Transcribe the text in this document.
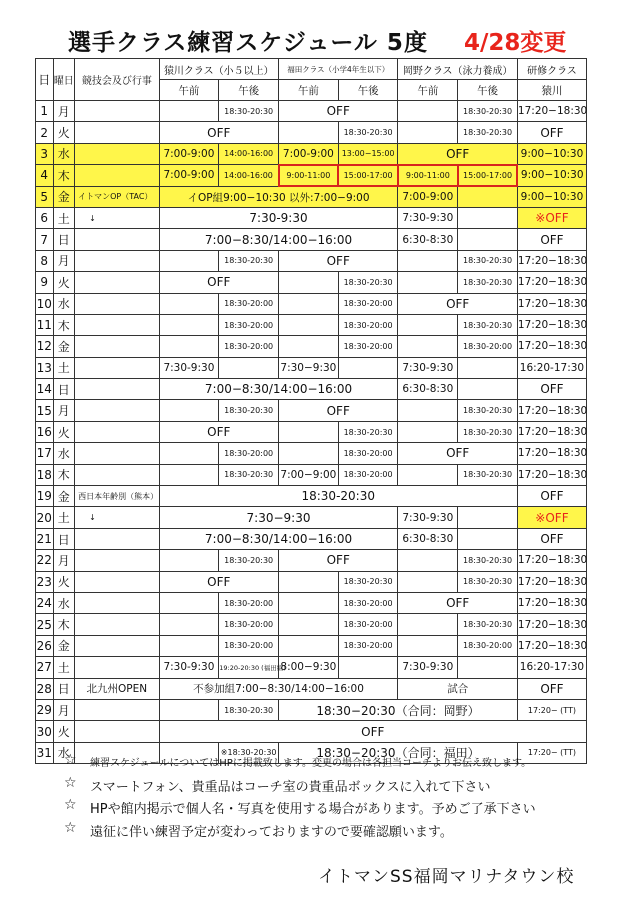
選手クラス練習スケジュール 5度 4/28変更
日	曜日	競技会及び行事	猿川クラス（小５以上）		福田クラス（小学4年生以下）		岡野クラス（泳力養成）		研修クラス
			午前	午後	午前	午後	午前	午後	猿川
1	月			18:30-20:30	OFF			18:30-20:30	17:20−18:30
2	火		OFF			18:30-20:30		18:30-20:30	OFF
3	水		7:00-9:00	14:00-16:00	7:00-9:00	13:00−15:00	OFF		9:00−10:30
4	木		7:00-9:00	14:00-16:00	9:00-11:00	15:00-17:00	9:00-11:00	15:00-17:00	9:00−10:30
5	金	イトマンOP（TAC）	イOP組9:00−10:30 以外:7:00−9:00				7:00-9:00		9:00−10:30
6	土	↓	7:30-9:30				7:30-9:30		※OFF
7	日		7:00−8:30/14:00−16:00				6:30-8:30		OFF
8	月			18:30-20:30	OFF			18:30-20:30	17:20−18:30
9	火		OFF			18:30-20:30		18:30-20:30	17:20−18:30
10	水			18:30-20:00		18:30-20:00	OFF		17:20−18:30
11	木			18:30-20:00		18:30-20:00		18:30-20:30	17:20−18:30
12	金			18:30-20:00		18:30-20:00		18:30-20:00	17:20−18:30
13	土		7:30-9:30		7:30−9:30		7:30-9:30		16:20-17:30
14	日		7:00−8:30/14:00−16:00				6:30-8:30		OFF
15	月			18:30-20:30	OFF			18:30-20:30	17:20−18:30
16	火		OFF			18:30-20:30		18:30-20:30	17:20−18:30
17	水			18:30-20:00		18:30-20:00	OFF		17:20−18:30
18	木			18:30-20:30	7:00−9:00	18:30-20:00		18:30-20:30	17:20−18:30
19	金	西日本年齢別（熊本）	18:30-20:30						OFF
20	土	↓	7:30−9:30				7:30-9:30		※OFF
21	日		7:00−8:30/14:00−16:00				6:30-8:30		OFF
22	月			18:30-20:30	OFF			18:30-20:30	17:20−18:30
23	火		OFF			18:30-20:30		18:30-20:30	17:20−18:30
24	水			18:30-20:00		18:30-20:00	OFF		17:20−18:30
25	木			18:30-20:00		18:30-20:00		18:30-20:30	17:20−18:30
26	金			18:30-20:00		18:30-20:00		18:30-20:00	17:20−18:30
27	土		7:30-9:30	19:20-20:30 (福田組)	8:00−9:30		7:30-9:30		16:20-17:30
28	日	北九州OPEN	不参加組7:00−8:30/14:00−16:00				試合		OFF
29	月			18:30-20:30	18:30−20:30（合同：岡野）				17:20− (TT)
30	火		OFF						
31	水			※18:30-20:30	18:30−20:30（合同：福田）				17:20− (TT)
☆ 練習スケジュールについてはHPに掲載致します。変更の場合は各担当コーチよりお伝え致します。
☆ スマートフォン、貴重品はコーチ室の貴重品ボックスに入れて下さい
☆ HPや館内掲示で個人名・写真を使用する場合があります。予めご了承下さい
☆ 遠征に伴い練習予定が変わっておりますので要確認願います。
イトマンSS福岡マリナタウン校
